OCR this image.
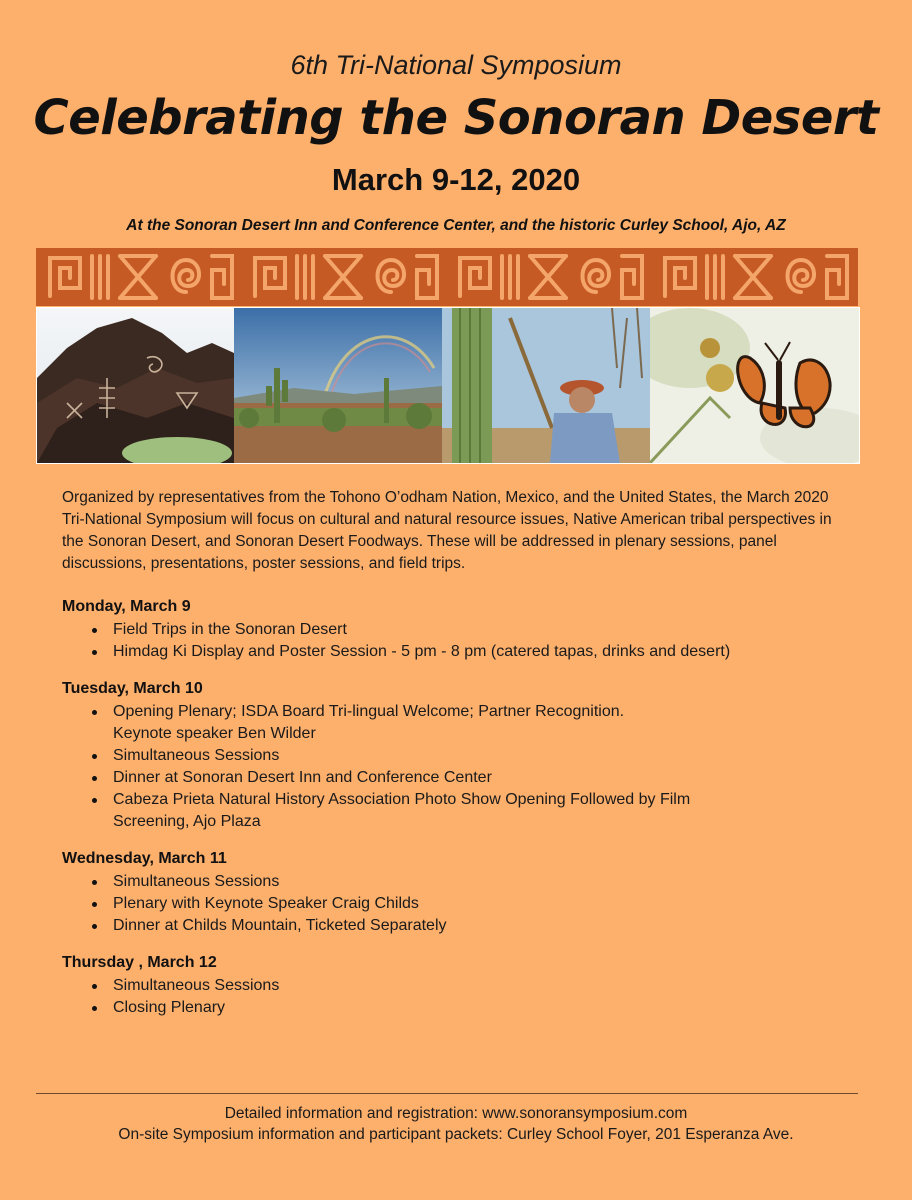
6th Tri-National Symposium
Celebrating the Sonoran Desert
March 9-12, 2020
At the Sonoran Desert Inn and Conference Center, and the historic Curley School, Ajo, AZ
Organized by representatives from the Tohono O’odham Nation, Mexico, and the United States, the March 2020 Tri-National Symposium will focus on cultural and natural resource issues, Native American tribal perspectives in the Sonoran Desert, and Sonoran Desert Foodways. These will be addressed in plenary sessions, panel discussions, presentations, poster sessions, and field trips.
Monday, March 9
Field Trips in the Sonoran Desert
Himdag Ki Display and Poster Session - 5 pm - 8 pm (catered tapas, drinks and desert)
Tuesday, March 10
Opening Plenary; ISDA Board Tri-lingual Welcome; Partner Recognition.
Keynote speaker Ben Wilder
Simultaneous Sessions
Dinner at Sonoran Desert Inn and Conference Center
Cabeza Prieta Natural History Association Photo Show Opening Followed by Film
Screening, Ajo Plaza
Wednesday, March 11
Simultaneous Sessions
Plenary with Keynote Speaker Craig Childs
Dinner at Childs Mountain, Ticketed Separately
Thursday , March 12
Simultaneous Sessions
Closing Plenary
Detailed information and registration: www.sonoransymposium.com
On-site Symposium information and participant packets: Curley School Foyer, 201 Esperanza Ave.
